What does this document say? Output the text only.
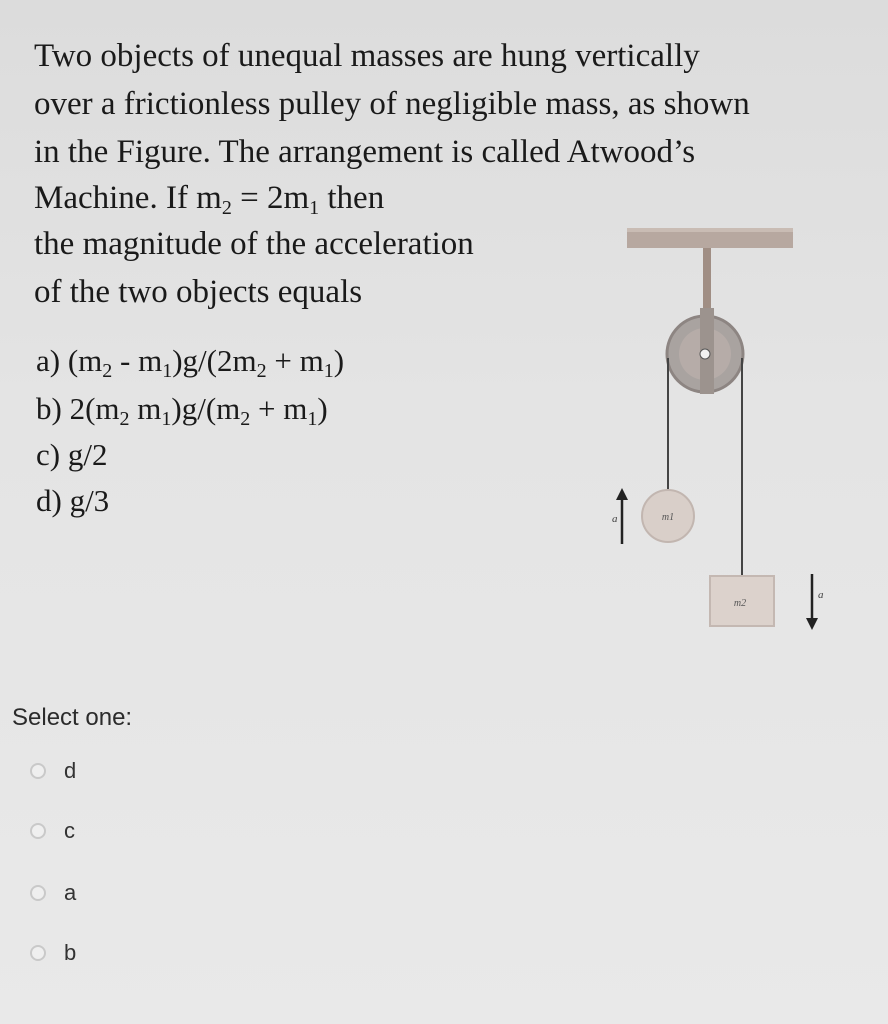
Two objects of unequal masses are hung vertically

over a frictionless pulley of negligible mass, as shown

in the Figure. The arrangement is called Atwood’s

Machine. If $m_2 = 2m_1$ then

the magnitude of the acceleration

of the two objects equals

a) $(m_2 - m_1)g/(2m_2 + m_1)$

b) $2(m_2$ $m_1)g/(m_2 + m_1)$

c) g/2

d) g/3	m1
m2
a
a

Select one:

d
c
a
b
